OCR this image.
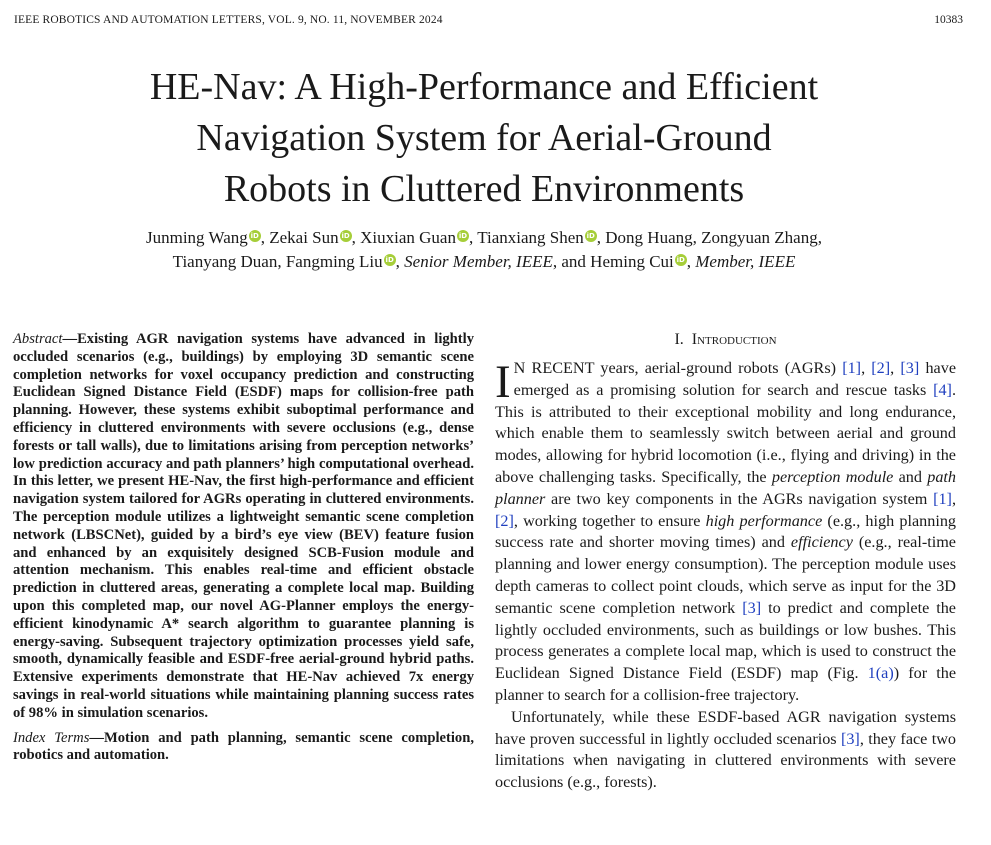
IEEE ROBOTICS AND AUTOMATION LETTERS, VOL. 9, NO. 11, NOVEMBER 2024	10383
HE-Nav: A High-Performance and Efficient
Navigation System for Aerial-Ground
Robots in Cluttered Environments
Junming Wang iD , Zekai Sun iD , Xiuxian Guan iD , Tianxiang Shen iD , Dong Huang, Zongyuan Zhang,
Tianyang Duan, Fangming Liu iD , Senior Member, IEEE, and Heming Cui iD , Member, IEEE

Abstract—Existing AGR navigation systems have advanced in lightly occluded scenarios (e.g., buildings) by employing 3D semantic scene completion networks for voxel occupancy prediction and constructing Euclidean Signed Distance Field (ESDF) maps for collision-free path planning. However, these systems exhibit suboptimal performance and efficiency in cluttered environments with severe occlusions (e.g., dense forests or tall walls), due to limitations arising from perception networks’ low prediction accuracy and path planners’ high computational overhead. In this letter, we present HE-Nav, the first high-performance and efficient navigation system tailored for AGRs operating in cluttered environments. The perception module utilizes a lightweight semantic scene completion network (LBSCNet), guided by a bird’s eye view (BEV) feature fusion and enhanced by an exquisitely designed SCB-Fusion module and attention mechanism. This enables real-time and efficient obstacle prediction in cluttered areas, generating a complete local map. Building upon this completed map, our novel AG-Planner employs the energy-efficient kinodynamic A* search algorithm to guarantee planning is energy-saving. Subsequent trajectory optimization processes yield safe, smooth, dynamically feasible and ESDF-free aerial-ground hybrid paths. Extensive experiments demonstrate that HE-Nav achieved 7x energy savings in real-world situations while maintaining planning success rates of 98% in simulation scenarios.

Index Terms—Motion and path planning, semantic scene completion, robotics and automation.

I. Introduction

I N RECENT years, aerial-ground robots (AGRs) [1], [2], [3] have emerged as a promising solution for search and rescue tasks [4]. This is attributed to their exceptional mobility and long endurance, which enable them to seamlessly switch between aerial and ground modes, allowing for hybrid locomotion (i.e., flying and driving) in the above challenging tasks. Specifically, the perception module and path planner are two key components in the AGRs navigation system [1], [2], working together to ensure high performance (e.g., high planning success rate and shorter moving times) and efficiency (e.g., real-time planning and lower energy consumption). The perception module uses depth cameras to collect point clouds, which serve as input for the 3D semantic scene completion network [3] to predict and complete the lightly occluded environments, such as buildings or low bushes. This process generates a complete local map, which is used to construct the Euclidean Signed Distance Field (ESDF) map (Fig. 1(a)) for the planner to search for a collision-free trajectory.

Unfortunately, while these ESDF-based AGR navigation systems have proven successful in lightly occluded scenarios [3], they face two limitations when navigating in cluttered environments with severe occlusions (e.g., forests).
